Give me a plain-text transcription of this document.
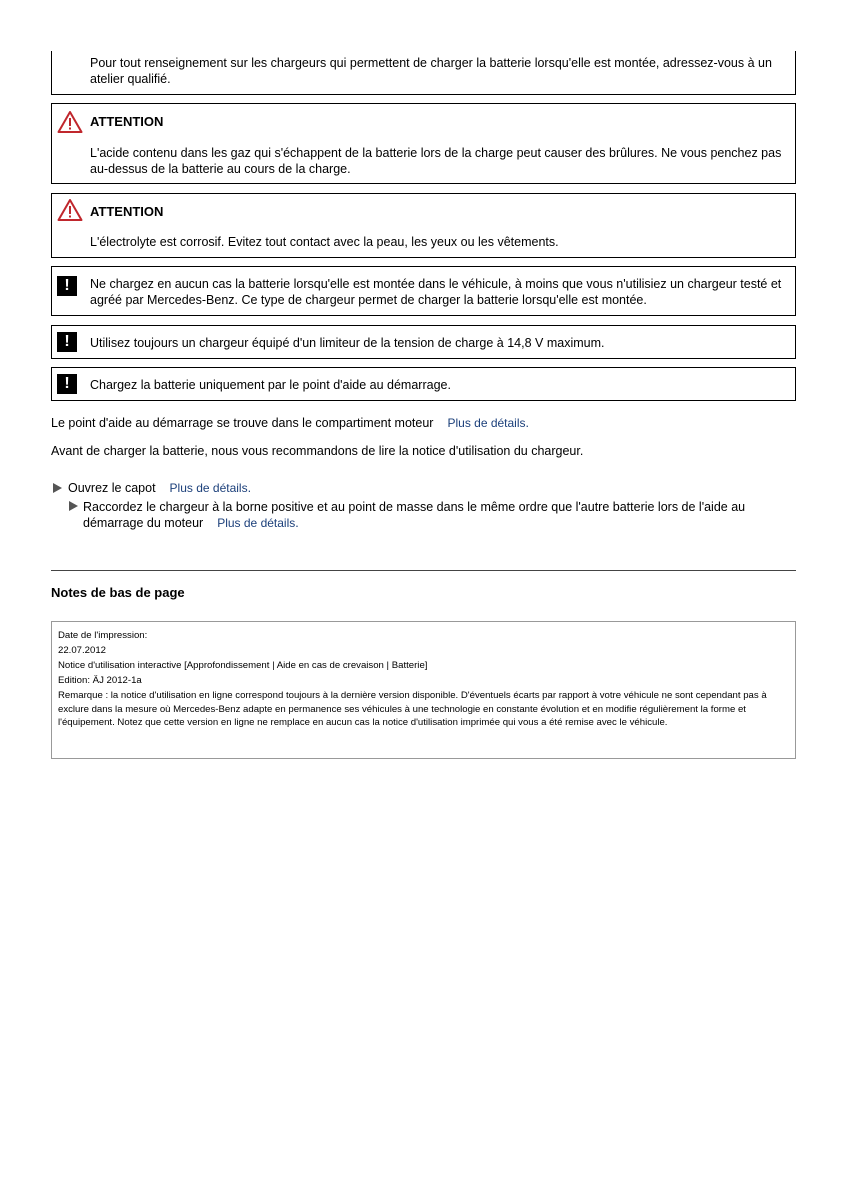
Pour tout renseignement sur les chargeurs qui permettent de charger la batterie lorsqu'elle est montée, adressez-vous à un atelier qualifié.

ATTENTION

L'acide contenu dans les gaz qui s'échappent de la batterie lors de la charge peut causer des brûlures. Ne vous penchez pas au-dessus de la batterie au cours de la charge.

ATTENTION

L'électrolyte est corrosif. Evitez tout contact avec la peau, les yeux ou les vêtements.

!	Ne chargez en aucun cas la batterie lorsqu'elle est montée dans le véhicule, à moins que vous n'utilisiez un chargeur testé et agréé par Mercedes-Benz. Ce type de chargeur permet de charger la batterie lorsqu'elle est montée.

!	Utilisez toujours un chargeur équipé d'un limiteur de la tension de charge à 14,8 V maximum.

!	Chargez la batterie uniquement par le point d'aide au démarrage.

Le point d'aide au démarrage se trouve dans le compartiment moteur Plus de détails.
Avant de charger la batterie, nous vous recommandons de lire la notice d'utilisation du chargeur.
Ouvrez le capot Plus de détails.
Raccordez le chargeur à la borne positive et au point de masse dans le même ordre que l'autre batterie lors de l'aide au démarrage du moteur Plus de détails.
Notes de bas de page
Date de l'impression:
22.07.2012
Notice d'utilisation interactive [Approfondissement | Aide en cas de crevaison | Batterie]
Edition: ÄJ 2012-1a
Remarque : la notice d'utilisation en ligne correspond toujours à la dernière version disponible. D'éventuels écarts par rapport à votre véhicule ne sont cependant pas à exclure dans la mesure où Mercedes-Benz adapte en permanence ses véhicules à une technologie en constante évolution et en modifie régulièrement la forme et l'équipement. Notez que cette version en ligne ne remplace en aucun cas la notice d'utilisation imprimée qui vous a été remise avec le véhicule.
